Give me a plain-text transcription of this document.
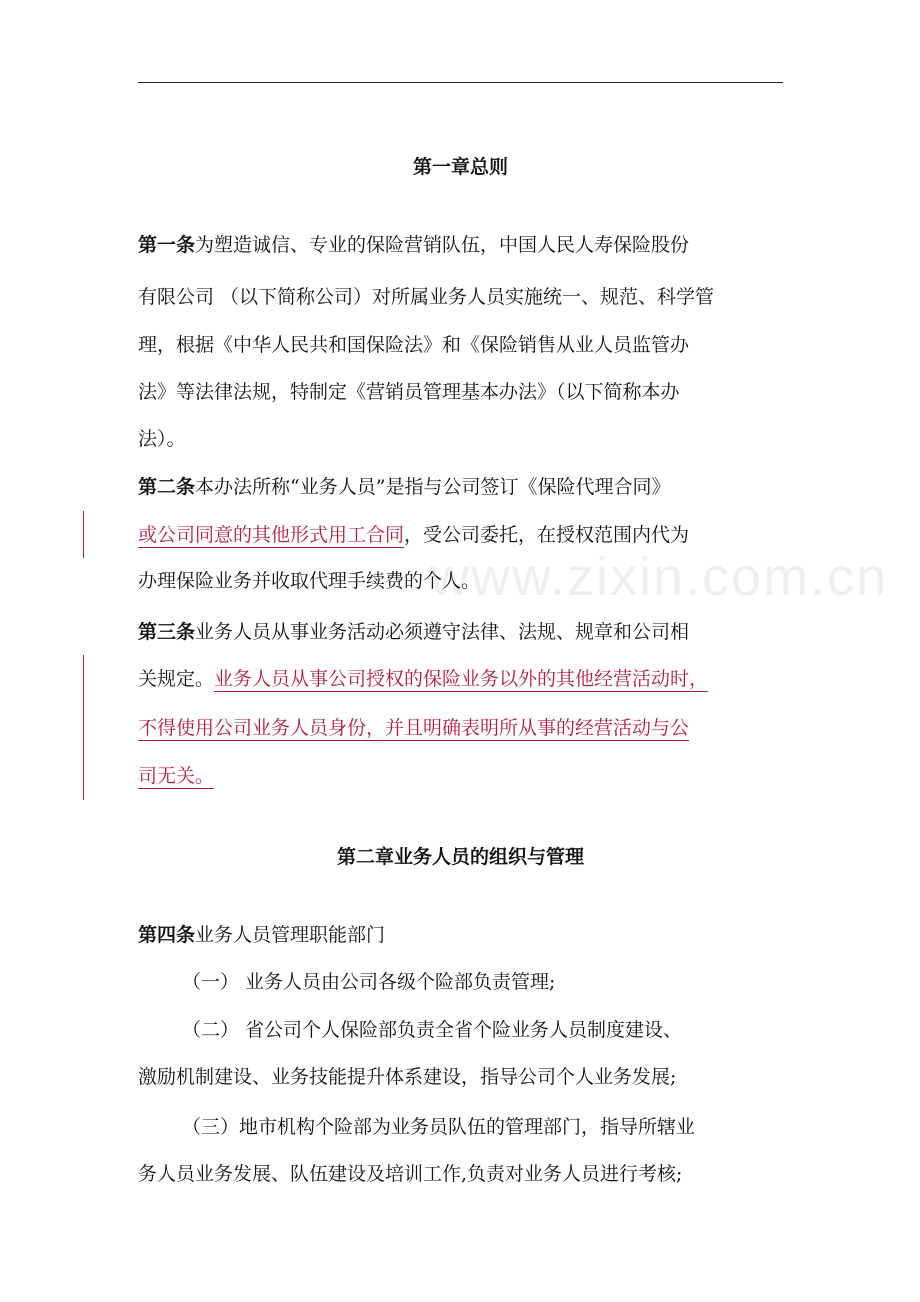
www.zixin.com.cn
第一章总则
第一条为塑造诚信、专业的保险营销队伍，中国人民人寿保险股份
有限公司 （以下简称公司）对所属业务人员实施统一、规范、科学管
理，根据《中华人民共和国保险法》和《保险销售从业人员监管办
法》等法律法规，特制定《营销员管理基本办法》（以下简称本办
法）。
第二条本办法所称“业务人员”是指与公司签订《保险代理合同》
或公司同意的其他形式用工合同，受公司委托，在授权范围内代为
办理保险业务并收取代理手续费的个人。
第三条业务人员从事业务活动必须遵守法律、法规、规章和公司相
关规定。业务人员从事公司授权的保险业务以外的其他经营活动时，
不得使用公司业务人员身份，并且明确表明所从事的经营活动与公
司无关。
第二章业务人员的组织与管理
第四条业务人员管理职能部门
（一） 业务人员由公司各级个险部负责管理;
（二） 省公司个人保险部负责全省个险业务人员制度建设、
激励机制建设、业务技能提升体系建设，指导公司个人业务发展;
（三）地市机构个险部为业务员队伍的管理部门，指导所辖业
务人员业务发展、队伍建设及培训工作,负责对业务人员进行考核;
